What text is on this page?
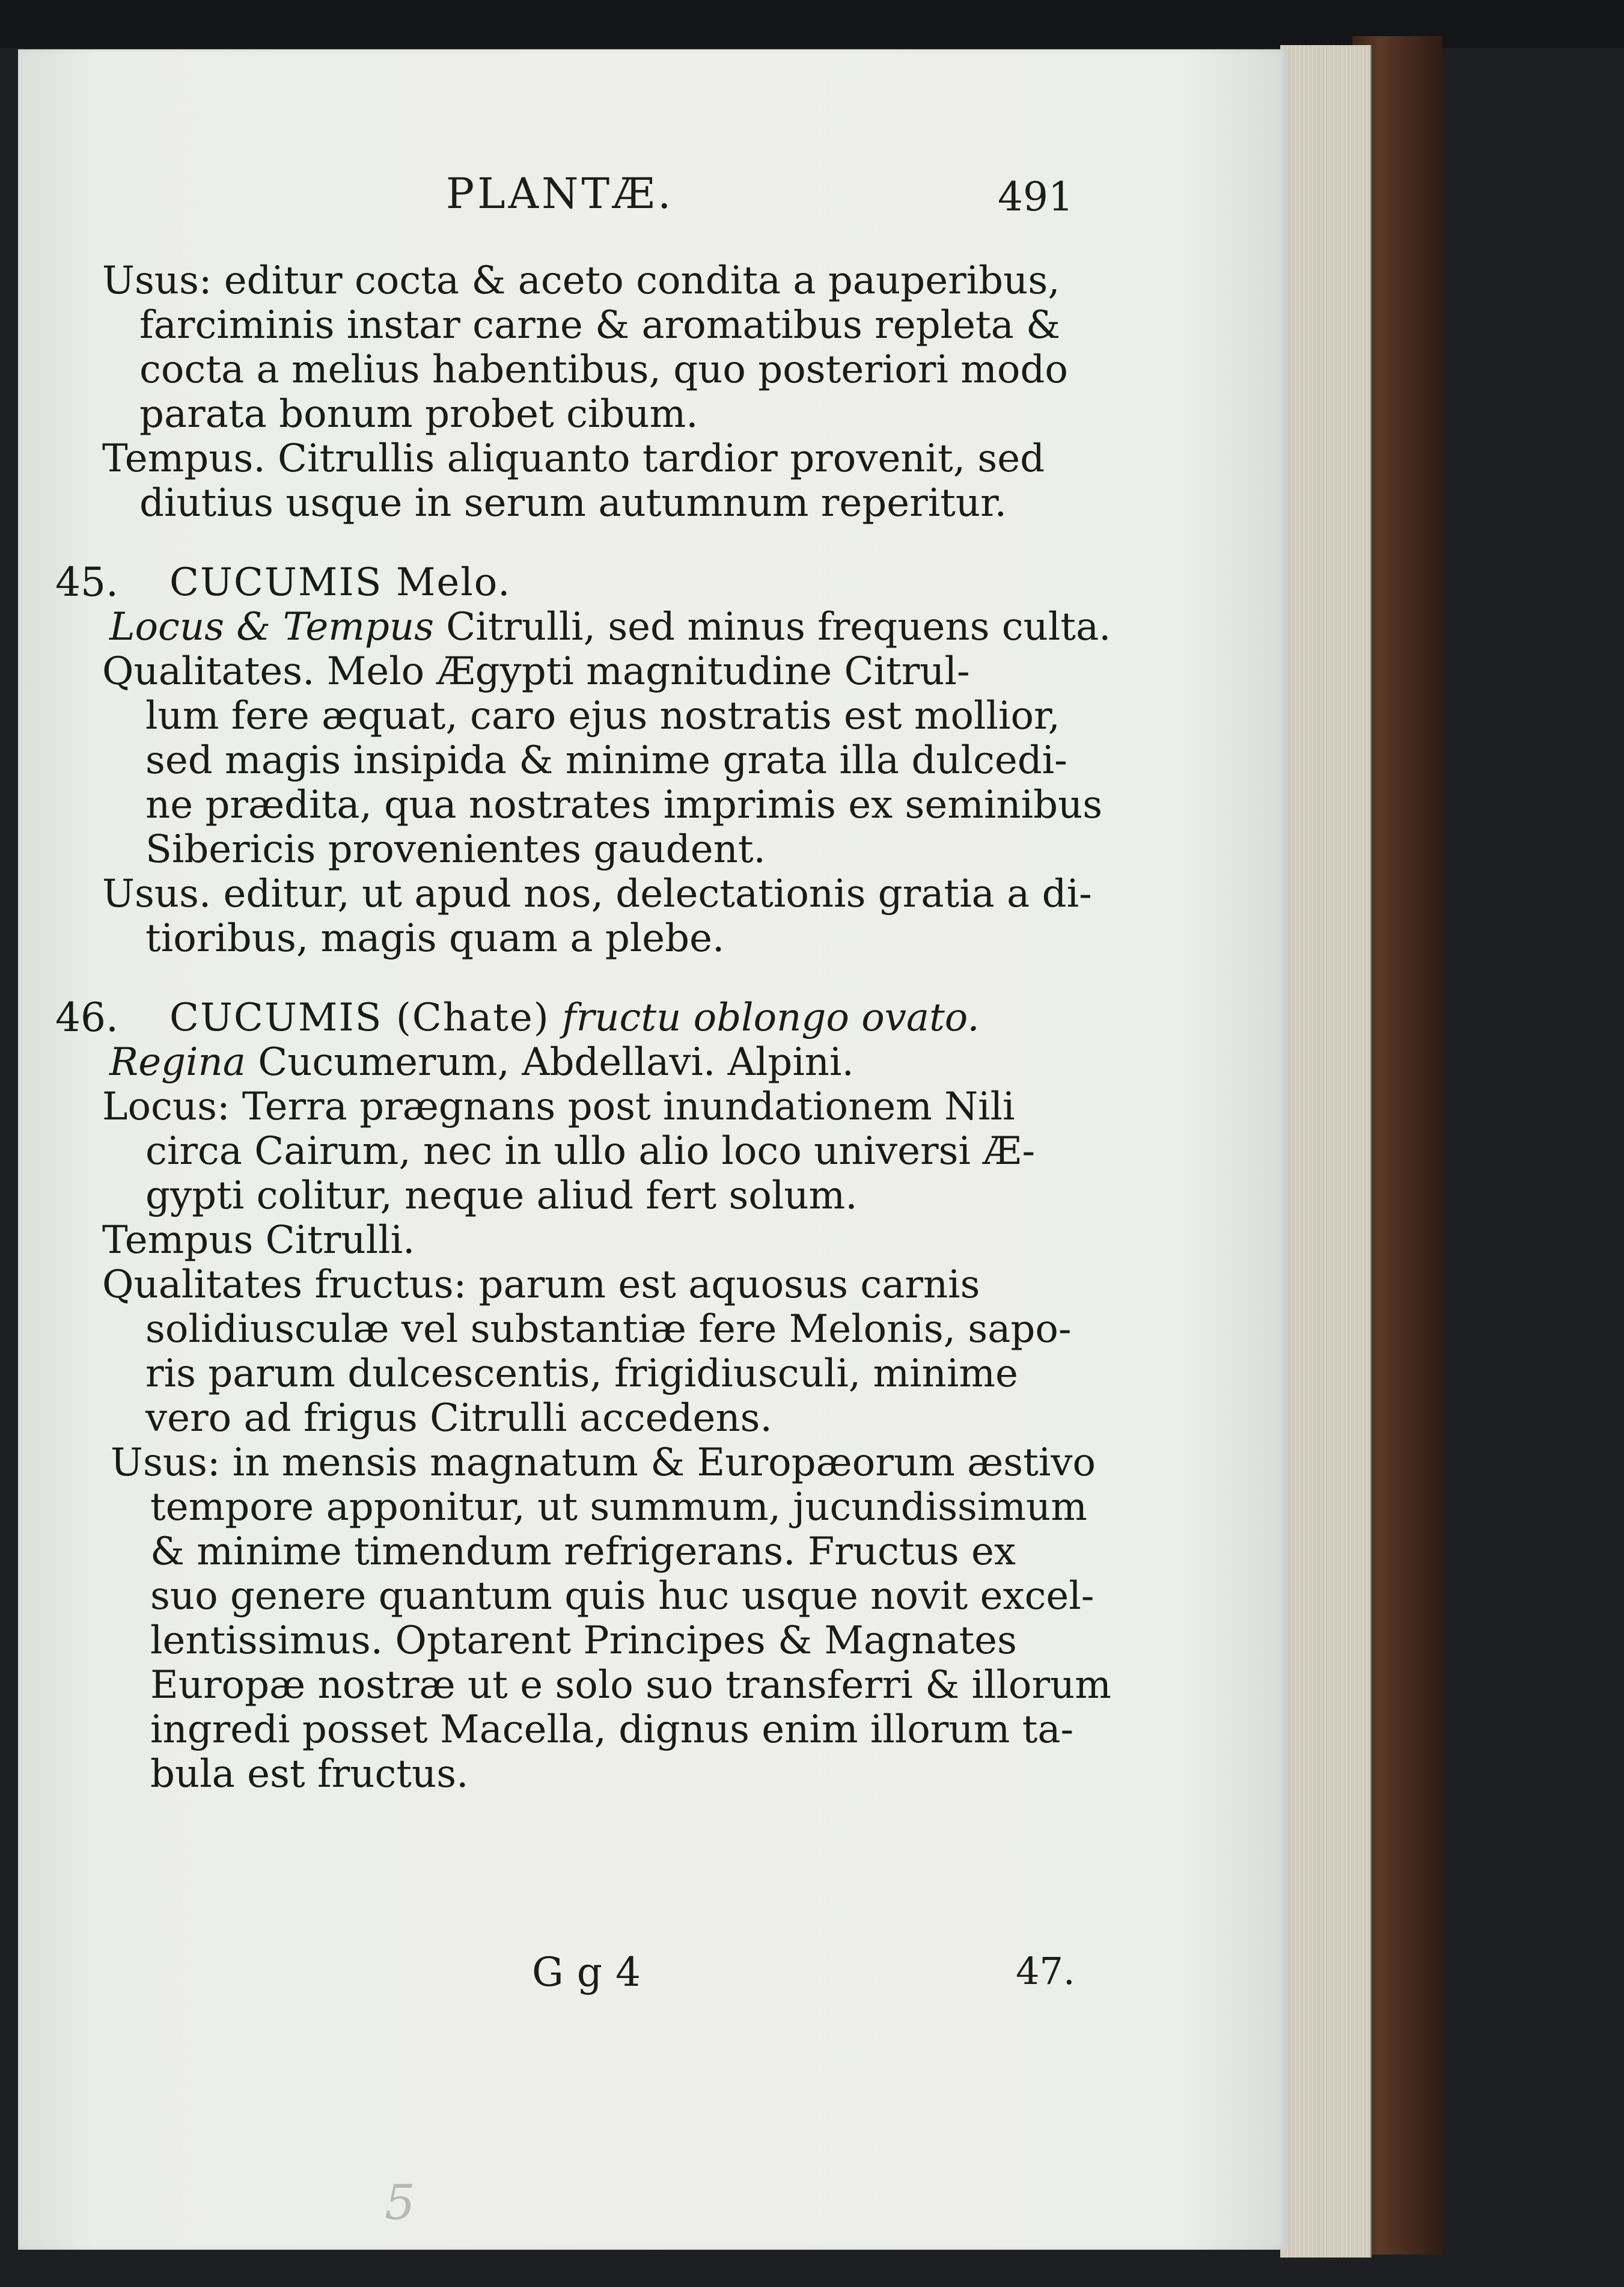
PLANTÆ.	491
Usus: editur cocta & aceto condita a pauperibus,
farciminis instar carne & aromatibus repleta &
cocta a melius habentibus, quo posteriori modo
parata bonum probet cibum.
Tempus. Citrullis aliquanto tardior provenit, sed
diutius usque in serum autumnum reperitur.
45. CUCUMIS Melo.
Locus & Tempus Citrulli, sed minus frequens culta.
Qualitates. Melo Ægypti magnitudine Citrul-
lum fere æquat, caro ejus nostratis est mollior,
sed magis insipida & minime grata illa dulcedi-
ne prædita, qua nostrates imprimis ex seminibus
Sibericis provenientes gaudent.
Usus. editur, ut apud nos, delectationis gratia a di-
tioribus, magis quam a plebe.
46. CUCUMIS (Chate) fructu oblongo ovato.
Regina Cucumerum, Abdellavi. Alpini.
Locus: Terra prægnans post inundationem Nili
circa Cairum, nec in ullo alio loco universi Æ-
gypti colitur, neque aliud fert solum.
Tempus Citrulli.
Qualitates fructus: parum est aquosus carnis
solidiusculæ vel substantiæ fere Melonis, sapo-
ris parum dulcescentis, frigidiusculi, minime
vero ad frigus Citrulli accedens.
Usus: in mensis magnatum & Europæorum æstivo
tempore apponitur, ut summum, jucundissimum
& minime timendum refrigerans. Fructus ex
suo genere quantum quis huc usque novit excel-
lentissimus. Optarent Principes & Magnates
Europæ nostræ ut e solo suo transferri & illorum
ingredi posset Macella, dignus enim illorum ta-
bula est fructus.
Gg4	47.
5
